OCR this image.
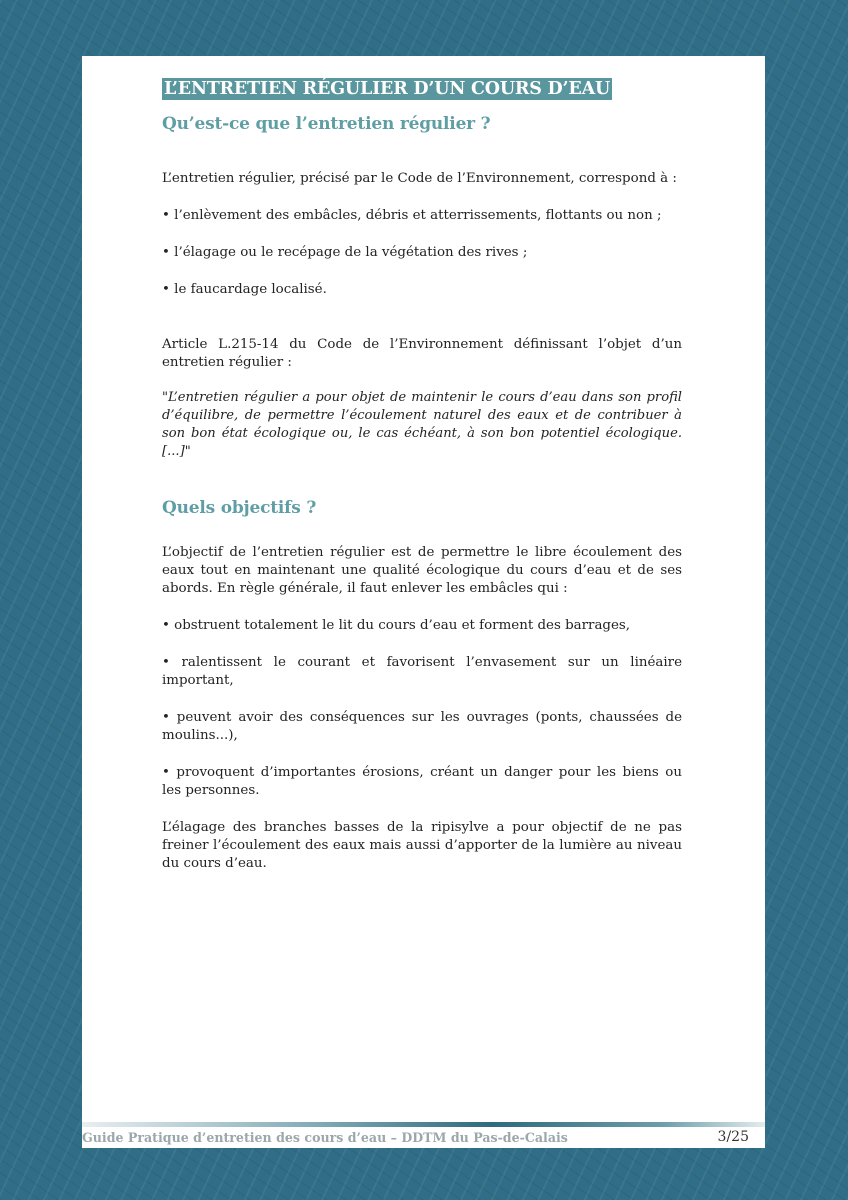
L’ENTRETIEN RÉGULIER D’UN COURS D’EAU
Qu’est-ce que l’entretien régulier ?

L’entretien régulier, précisé par le Code de l’Environnement, correspond à :

• l’enlèvement des embâcles, débris et atterrissements, flottants ou non ;

• l’élagage ou le recépage de la végétation des rives ;

• le faucardage localisé.

Article L.215-14 du Code de l’Environnement définissant l’objet d’un entretien régulier :

"L’entretien régulier a pour objet de maintenir le cours d’eau dans son profil d’équilibre, de permettre l’écoulement naturel des eaux et de contribuer à son bon état écologique ou, le cas échéant, à son bon potentiel écologique.[...]"

Quels objectifs ?

L’objectif de l’entretien régulier est de permettre le libre écoulement des eaux tout en maintenant une qualité écologique du cours d’eau et de ses abords. En règle générale, il faut enlever les embâcles qui :

• obstruent totalement le lit du cours d’eau et forment des barrages,

• ralentissent le courant et favorisent l’envasement sur un linéaire important,

• peuvent avoir des conséquences sur les ouvrages (ponts, chaussées de moulins...),

• provoquent d’importantes érosions, créant un danger pour les biens ou les personnes.

L’élagage des branches basses de la ripisylve a pour objectif de ne pas freiner l’écoulement des eaux mais aussi d’apporter de la lumière au niveau du cours d’eau.

Guide Pratique d’entretien des cours d’eau – DDTM du Pas-de-Calais	3/25
